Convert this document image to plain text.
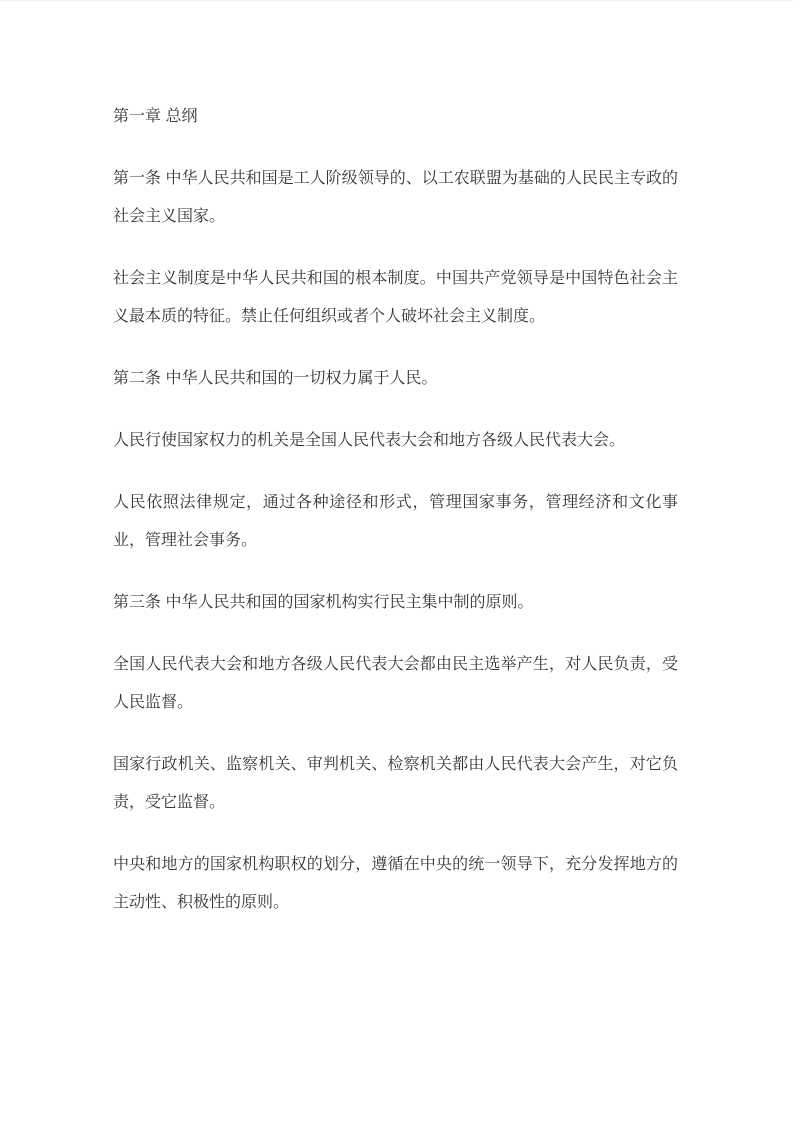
第一章 总纲

第一条 中华人民共和国是工人阶级领导的、以工农联盟为基础的人民民主专政的社会主义国家。

社会主义制度是中华人民共和国的根本制度。中国共产党领导是中国特色社会主义最本质的特征。禁止任何组织或者个人破坏社会主义制度。

第二条 中华人民共和国的一切权力属于人民。

人民行使国家权力的机关是全国人民代表大会和地方各级人民代表大会。

人民依照法律规定，通过各种途径和形式，管理国家事务，管理经济和文化事业，管理社会事务。

第三条 中华人民共和国的国家机构实行民主集中制的原则。

全国人民代表大会和地方各级人民代表大会都由民主选举产生，对人民负责，受人民监督。

国家行政机关、监察机关、审判机关、检察机关都由人民代表大会产生，对它负责，受它监督。

中央和地方的国家机构职权的划分，遵循在中央的统一领导下，充分发挥地方的主动性、积极性的原则。
